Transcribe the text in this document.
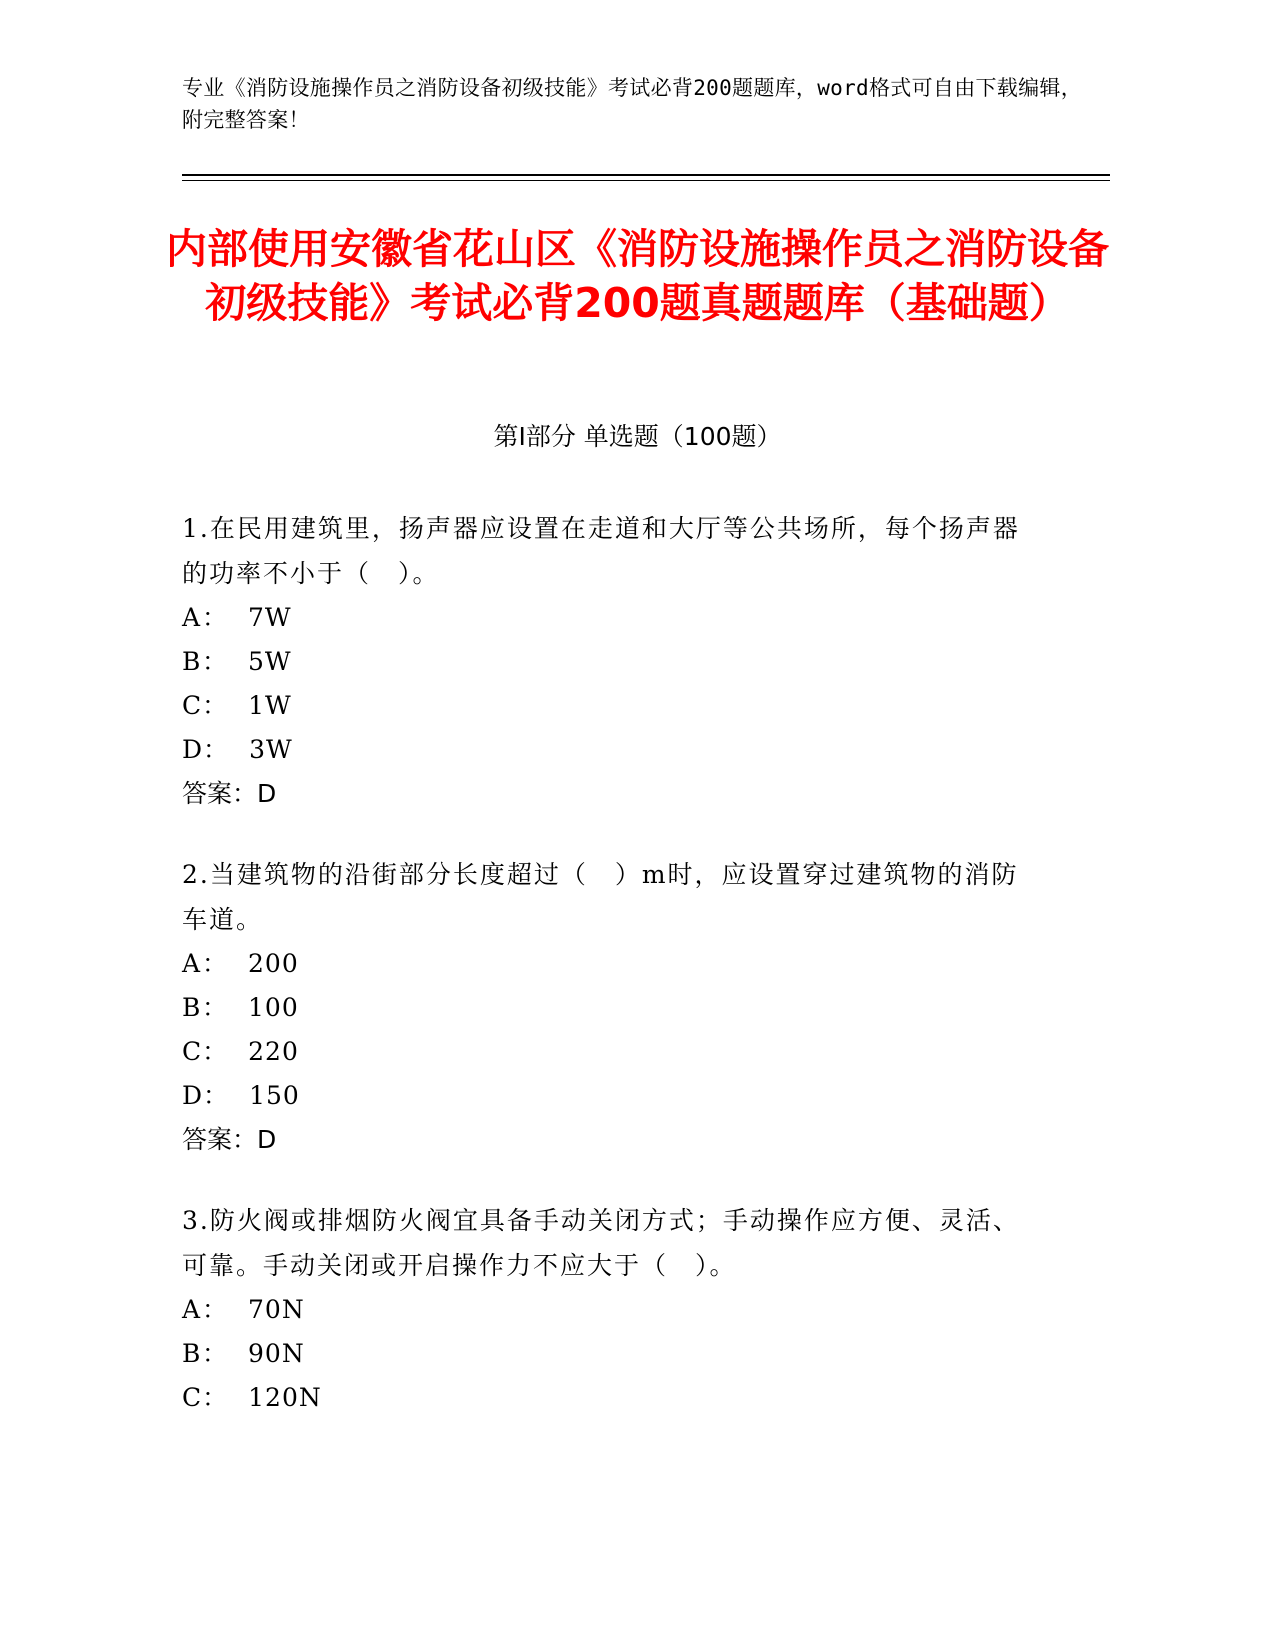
专业《消防设施操作员之消防设备初级技能》考试必背200题题库，word格式可自由下载编辑，附完整答案！
内部使用安徽省花山区《消防设施操作员之消防设备初级技能》考试必背200题真题题库（基础题）
第I部分 单选题（100题）
1.在民用建筑里，扬声器应设置在走道和大厅等公共场所，每个扬声器的功率不小于（　）。
A： 7W
B： 5W
C： 1W
D： 3W
答案：D
2.当建筑物的沿街部分长度超过（　）m时，应设置穿过建筑物的消防车道。
A： 200
B： 100
C： 220
D： 150
答案：D
3.防火阀或排烟防火阀宜具备手动关闭方式；手动操作应方便、灵活、可靠。手动关闭或开启操作力不应大于（　）。
A： 70N
B： 90N
C： 120N
